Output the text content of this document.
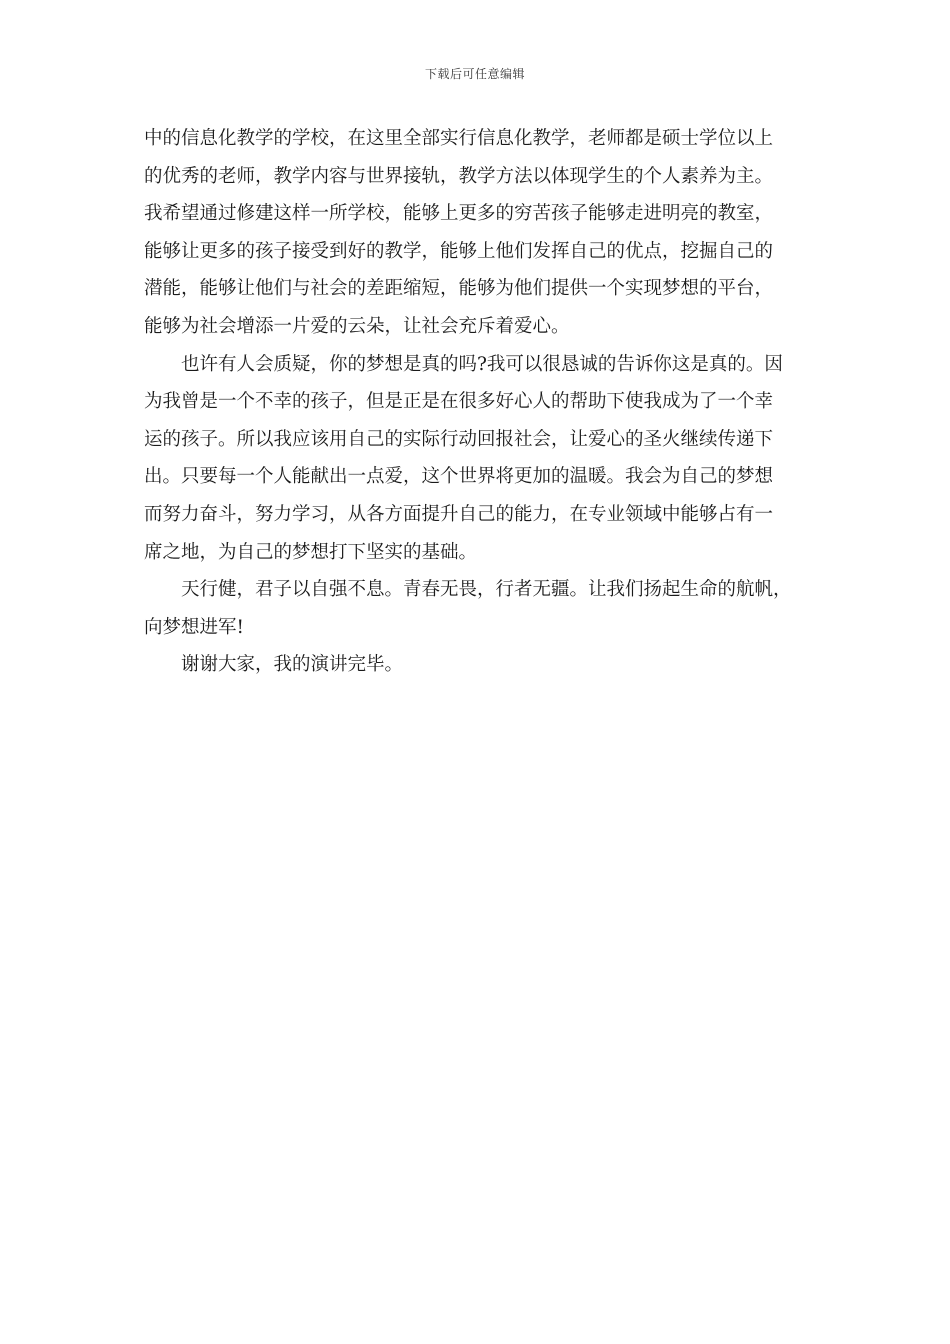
下载后可任意编辑
中的信息化教学的学校，在这里全部实行信息化教学，老师都是硕士学位以上
的优秀的老师，教学内容与世界接轨，教学方法以体现学生的个人素养为主。
我希望通过修建这样一所学校，能够上更多的穷苦孩子能够走进明亮的教室，
能够让更多的孩子接受到好的教学，能够上他们发挥自己的优点，挖掘自己的
潜能，能够让他们与社会的差距缩短，能够为他们提供一个实现梦想的平台，
能够为社会增添一片爱的云朵，让社会充斥着爱心。
也许有人会质疑，你的梦想是真的吗?我可以很恳诚的告诉你这是真的。因
为我曾是一个不幸的孩子，但是正是在很多好心人的帮助下使我成为了一个幸
运的孩子。所以我应该用自己的实际行动回报社会，让爱心的圣火继续传递下
出。只要每一个人能献出一点爱，这个世界将更加的温暖。我会为自己的梦想
而努力奋斗，努力学习，从各方面提升自己的能力，在专业领域中能够占有一
席之地，为自己的梦想打下坚实的基础。
天行健，君子以自强不息。青春无畏，行者无疆。让我们扬起生命的航帆，
向梦想进军!
谢谢大家，我的演讲完毕。
